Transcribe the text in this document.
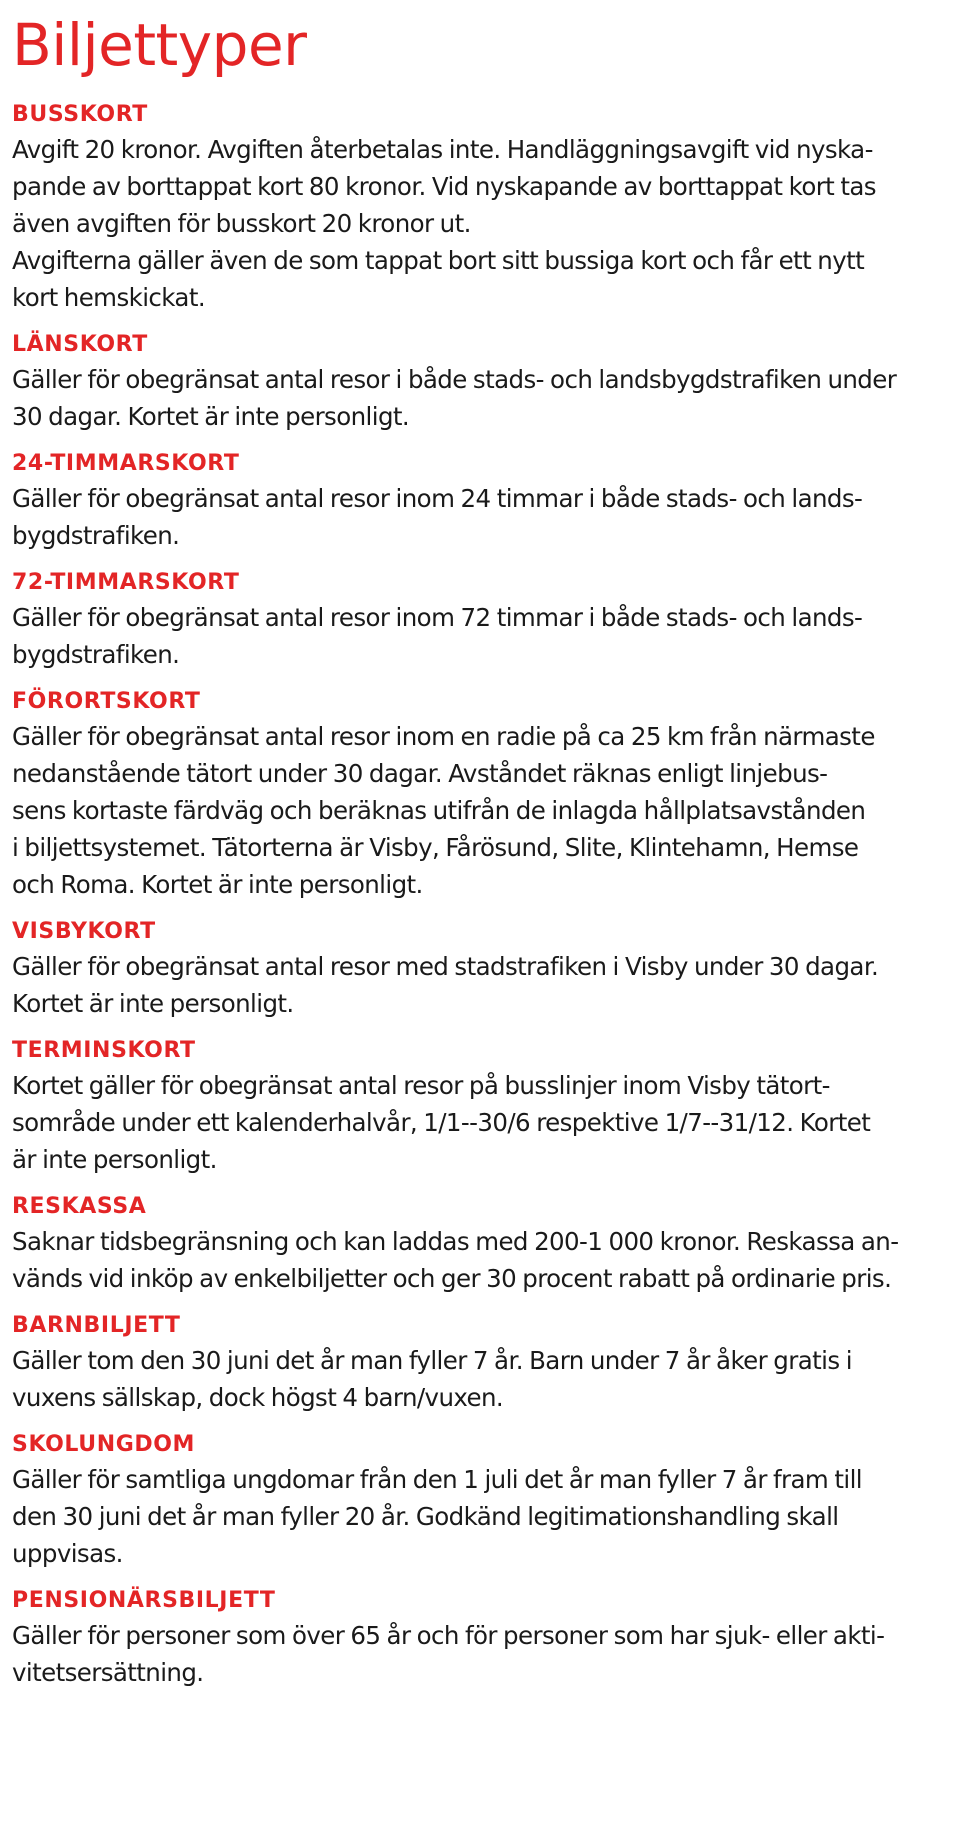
Biljettyper
BUSSKORT

Avgift 20 kronor. Avgiften återbetalas inte. Handläggningsavgift vid nyska-
pande av borttappat kort 80 kronor. Vid nyskapande av borttappat kort tas
även avgiften för busskort 20 kronor ut.
Avgifterna gäller även de som tappat bort sitt bussiga kort och får ett nytt
kort hemskickat.

LÄNSKORT

Gäller för obegränsat antal resor i både stads- och landsbygdstrafiken under
30 dagar. Kortet är inte personligt.

24-TIMMARSKORT

Gäller för obegränsat antal resor inom 24 timmar i både stads- och lands-
bygdstrafiken.

72-TIMMARSKORT

Gäller för obegränsat antal resor inom 72 timmar i både stads- och lands-
bygdstrafiken.

FÖRORTSKORT

Gäller för obegränsat antal resor inom en radie på ca 25 km från närmaste
nedanstående tätort under 30 dagar. Avståndet räknas enligt linjebus-
sens kortaste färdväg och beräknas utifrån de inlagda hållplatsavstånden
i biljettsystemet. Tätorterna är Visby, Fårösund, Slite, Klintehamn, Hemse
och Roma. Kortet är inte personligt.

VISBYKORT

Gäller för obegränsat antal resor med stadstrafiken i Visby under 30 dagar.
Kortet är inte personligt.

TERMINSKORT

Kortet gäller för obegränsat antal resor på busslinjer inom Visby tätort-
sområde under ett kalenderhalvår, 1/1--30/6 respektive 1/7--31/12. Kortet
är inte personligt.

RESKASSA

Saknar tidsbegränsning och kan laddas med 200-1 000 kronor. Reskassa an-
vänds vid inköp av enkelbiljetter och ger 30 procent rabatt på ordinarie pris.

BARNBILJETT

Gäller tom den 30 juni det år man fyller 7 år. Barn under 7 år åker gratis i
vuxens sällskap, dock högst 4 barn/vuxen.

SKOLUNGDOM

Gäller för samtliga ungdomar från den 1 juli det år man fyller 7 år fram till
den 30 juni det år man fyller 20 år. Godkänd legitimationshandling skall
uppvisas.

PENSIONÄRSBILJETT

Gäller för personer som över 65 år och för personer som har sjuk- eller akti-
vitetsersättning.
